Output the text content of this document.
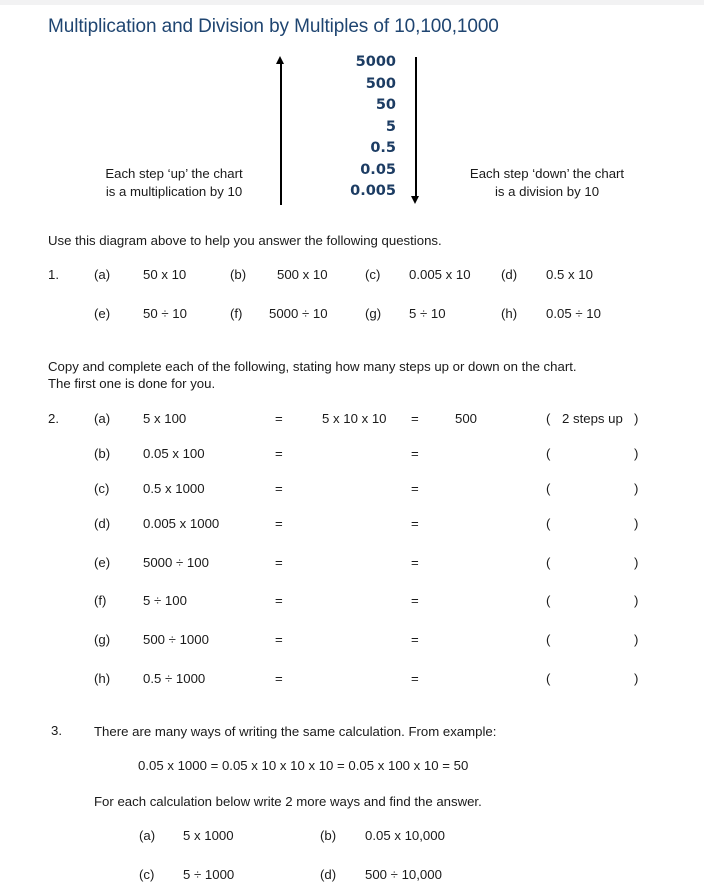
Multiplication and Division by Multiples of 10,100,1000
5000
500
50
5
0.5
0.05
0.005
Each step ‘up’ the chart
is a multiplication by 10
Each step ‘down’ the chart
is a division by 10
Use this diagram above to help you answer the following questions.
1.	(a) 50 x 10	(b) 500 x 10	(c) 0.005 x 10 (d) 0.5 x 10
(e) 50 ÷ 10	(f) 5000 ÷ 10	(g) 5 ÷ 10	(h) 0.05 ÷ 10
Copy and complete each of the following, stating how many steps up or down on the chart.
The first one is done for you.
2.	(a) 5 x 100	=	5 x 10 x 10 =	500	( 2 steps up )
(b) 0.05 x 100	=	=	(	)
(c)	0.5 x 1000	=	=	(	)
(d) 0.005 x 1000	=	=	(	)
(e) 5000 ÷ 100	=	=	(	)
(f)	5 ÷ 100	=	=	(	)
(g) 500 ÷ 1000	=	=	(	)
(h) 0.5 ÷ 1000	=	=	(	)
3. There are many ways of writing the same calculation. From example:
0.05 x 1000 = 0.05 x 10 x 10 x 10 = 0.05 x 100 x 10 = 50
For each calculation below write 2 more ways and find the answer.
(a) 5 x 1000	(b) 0.05 x 10,000
(c) 5 ÷ 1000	(d) 500 ÷ 10,000
